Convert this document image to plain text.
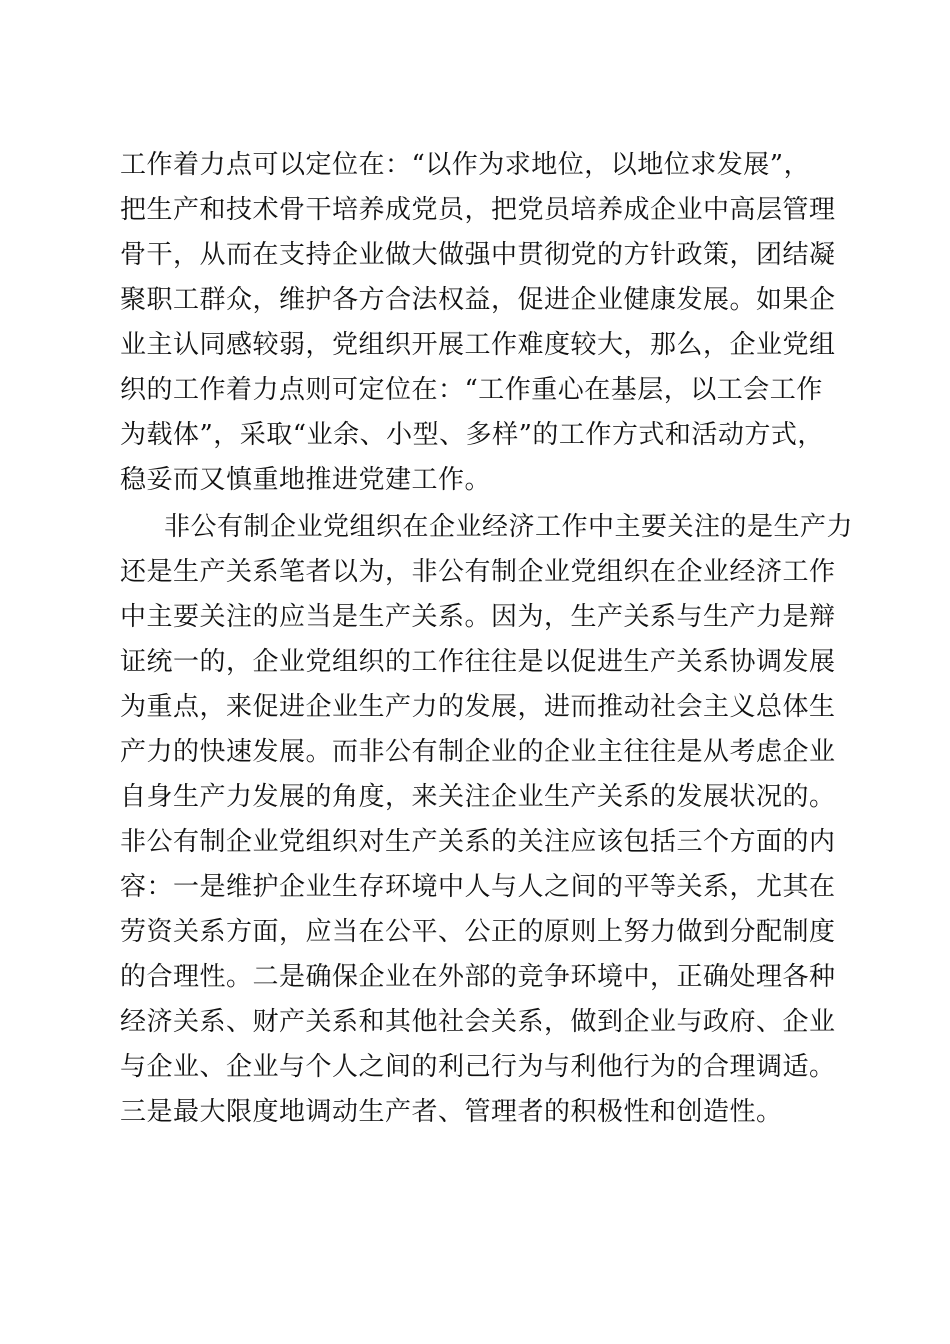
工作着力点可以定位在：“以作为求地位，以地位求发展”，
把生产和技术骨干培养成党员，把党员培养成企业中高层管理
骨干，从而在支持企业做大做强中贯彻党的方针政策，团结凝
聚职工群众，维护各方合法权益，促进企业健康发展。如果企
业主认同感较弱，党组织开展工作难度较大，那么，企业党组
织的工作着力点则可定位在：“工作重心在基层，以工会工作
为载体”，采取“业余、小型、多样”的工作方式和活动方式，
稳妥而又慎重地推进党建工作。
非公有制企业党组织在企业经济工作中主要关注的是生产力
还是生产关系笔者以为，非公有制企业党组织在企业经济工作
中主要关注的应当是生产关系。因为，生产关系与生产力是辩
证统一的，企业党组织的工作往往是以促进生产关系协调发展
为重点，来促进企业生产力的发展，进而推动社会主义总体生
产力的快速发展。而非公有制企业的企业主往往是从考虑企业
自身生产力发展的角度，来关注企业生产关系的发展状况的。
非公有制企业党组织对生产关系的关注应该包括三个方面的内
容：一是维护企业生存环境中人与人之间的平等关系，尤其在
劳资关系方面，应当在公平、公正的原则上努力做到分配制度
的合理性。二是确保企业在外部的竞争环境中，正确处理各种
经济关系、财产关系和其他社会关系，做到企业与政府、企业
与企业、企业与个人之间的利己行为与利他行为的合理调适。
三是最大限度地调动生产者、管理者的积极性和创造性。
